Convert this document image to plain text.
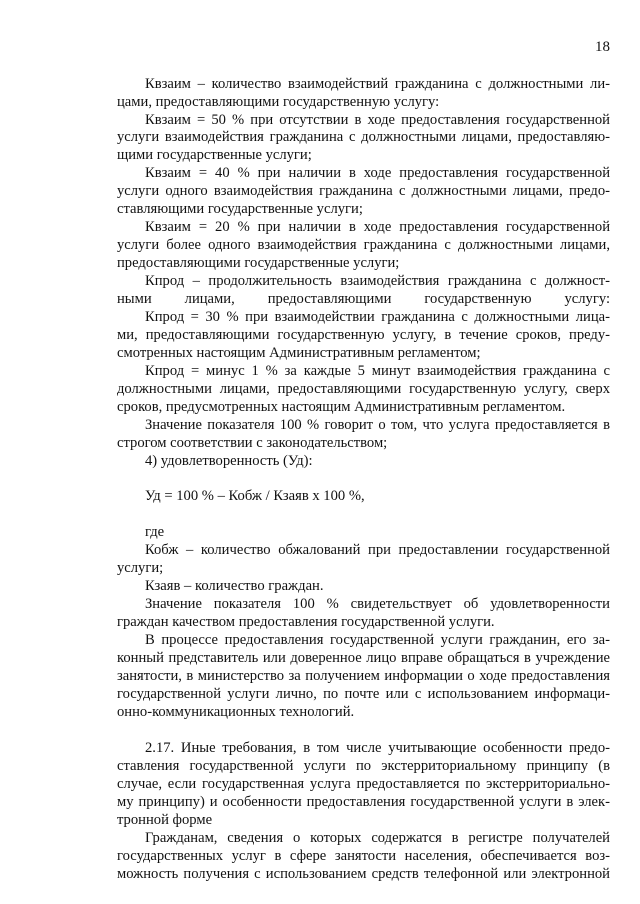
18
Квзаим – количество взаимодействий гражданина с должностными ли-
цами, предоставляющими государственную услугу:
Квзаим = 50 % при отсутствии в ходе предоставления государственной
услуги взаимодействия гражданина с должностными лицами, предоставляю-
щими государственные услуги;
Квзаим = 40 % при наличии в ходе предоставления государственной
услуги одного взаимодействия гражданина с должностными лицами, предо-
ставляющими государственные услуги;
Квзаим = 20 % при наличии в ходе предоставления государственной
услуги более одного взаимодействия гражданина с должностными лицами,
предоставляющими государственные услуги;
Кпрод – продолжительность взаимодействия гражданина с должност-
ными лицами, предоставляющими государственную услугу:
Кпрод = 30 % при взаимодействии гражданина с должностными лица-
ми, предоставляющими государственную услугу, в течение сроков, преду-
смотренных настоящим Административным регламентом;
Кпрод = минус 1 % за каждые 5 минут взаимодействия гражданина с
должностными лицами, предоставляющими государственную услугу, сверх
сроков, предусмотренных настоящим Административным регламентом.
Значение показателя 100 % говорит о том, что услуга предоставляется в
строгом соответствии с законодательством;
4) удовлетворенность (Уд):
Уд = 100 % – Кобж / Кзаяв х 100 %,
где
Кобж – количество обжалований при предоставлении государственной
услуги;
Кзаяв – количество граждан.
Значение показателя 100 % свидетельствует об удовлетворенности
граждан качеством предоставления государственной услуги.
В процессе предоставления государственной услуги гражданин, его за-
конный представитель или доверенное лицо вправе обращаться в учреждение
занятости, в министерство за получением информации о ходе предоставления
государственной услуги лично, по почте или с использованием информаци-
онно-коммуникационных технологий.
2.17. Иные требования, в том числе учитывающие особенности предо-
ставления государственной услуги по экстерриториальному принципу (в
случае, если государственная услуга предоставляется по экстерриториально-
му принципу) и особенности предоставления государственной услуги в элек-
тронной форме
Гражданам, сведения о которых содержатся в регистре получателей
государственных услуг в сфере занятости населения, обеспечивается воз-
можность получения с использованием средств телефонной или электронной
